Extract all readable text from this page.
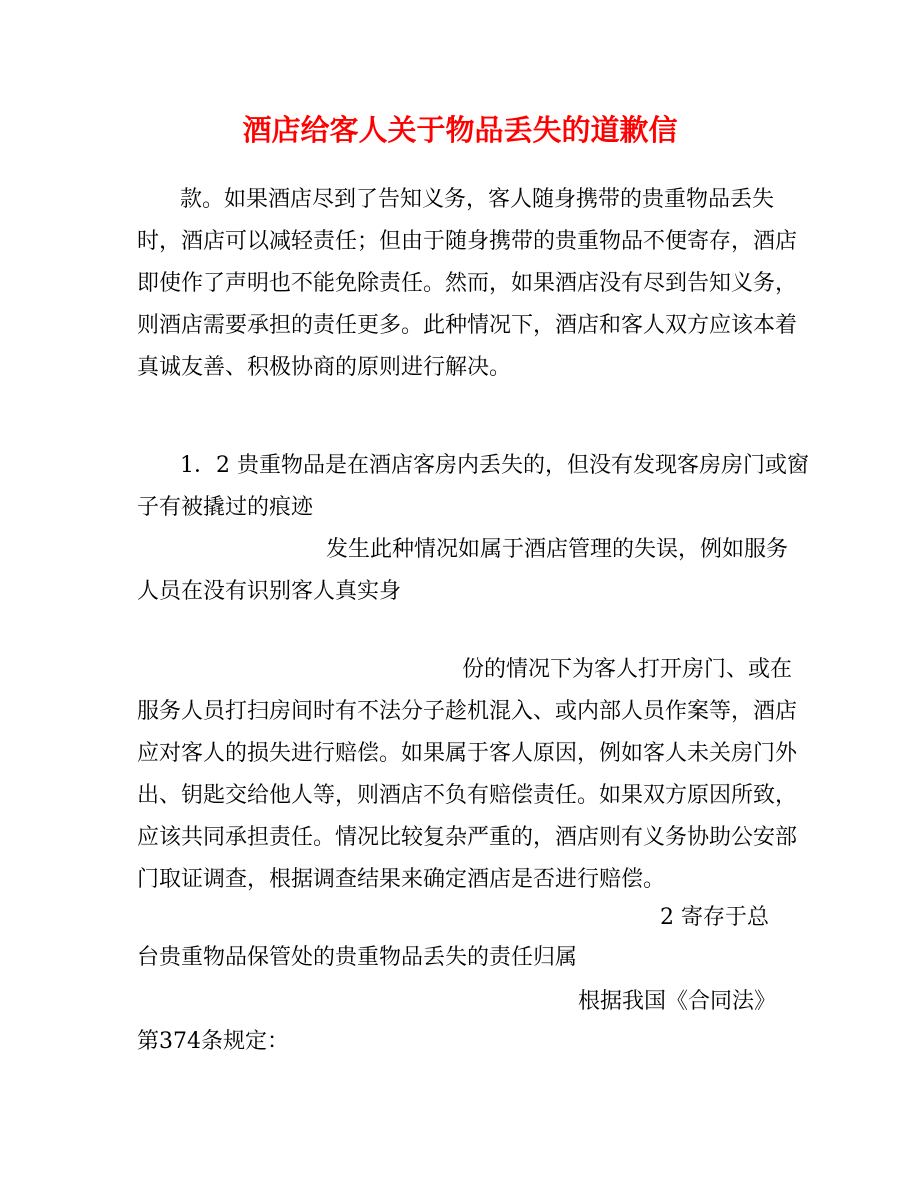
酒店给客人关于物品丢失的道歉信
款。如果酒店尽到了告知义务，客人随身携带的贵重物品丢失
时，酒店可以减轻责任；但由于随身携带的贵重物品不便寄存，酒店
即使作了声明也不能免除责任。然而，如果酒店没有尽到告知义务，
则酒店需要承担的责任更多。此种情况下，酒店和客人双方应该本着
真诚友善、积极协商的原则进行解决。
1．2 贵重物品是在酒店客房内丢失的，但没有发现客房房门或窗
子有被撬过的痕迹
发生此种情况如属于酒店管理的失误，例如服务
人员在没有识别客人真实身
份的情况下为客人打开房门、或在
服务人员打扫房间时有不法分子趁机混入、或内部人员作案等，酒店
应对客人的损失进行赔偿。如果属于客人原因，例如客人未关房门外
出、钥匙交给他人等，则酒店不负有赔偿责任。如果双方原因所致，
应该共同承担责任。情况比较复杂严重的，酒店则有义务协助公安部
门取证调查，根据调查结果来确定酒店是否进行赔偿。
2 寄存于总
台贵重物品保管处的贵重物品丢失的责任归属
根据我国《合同法》
第374条规定：
